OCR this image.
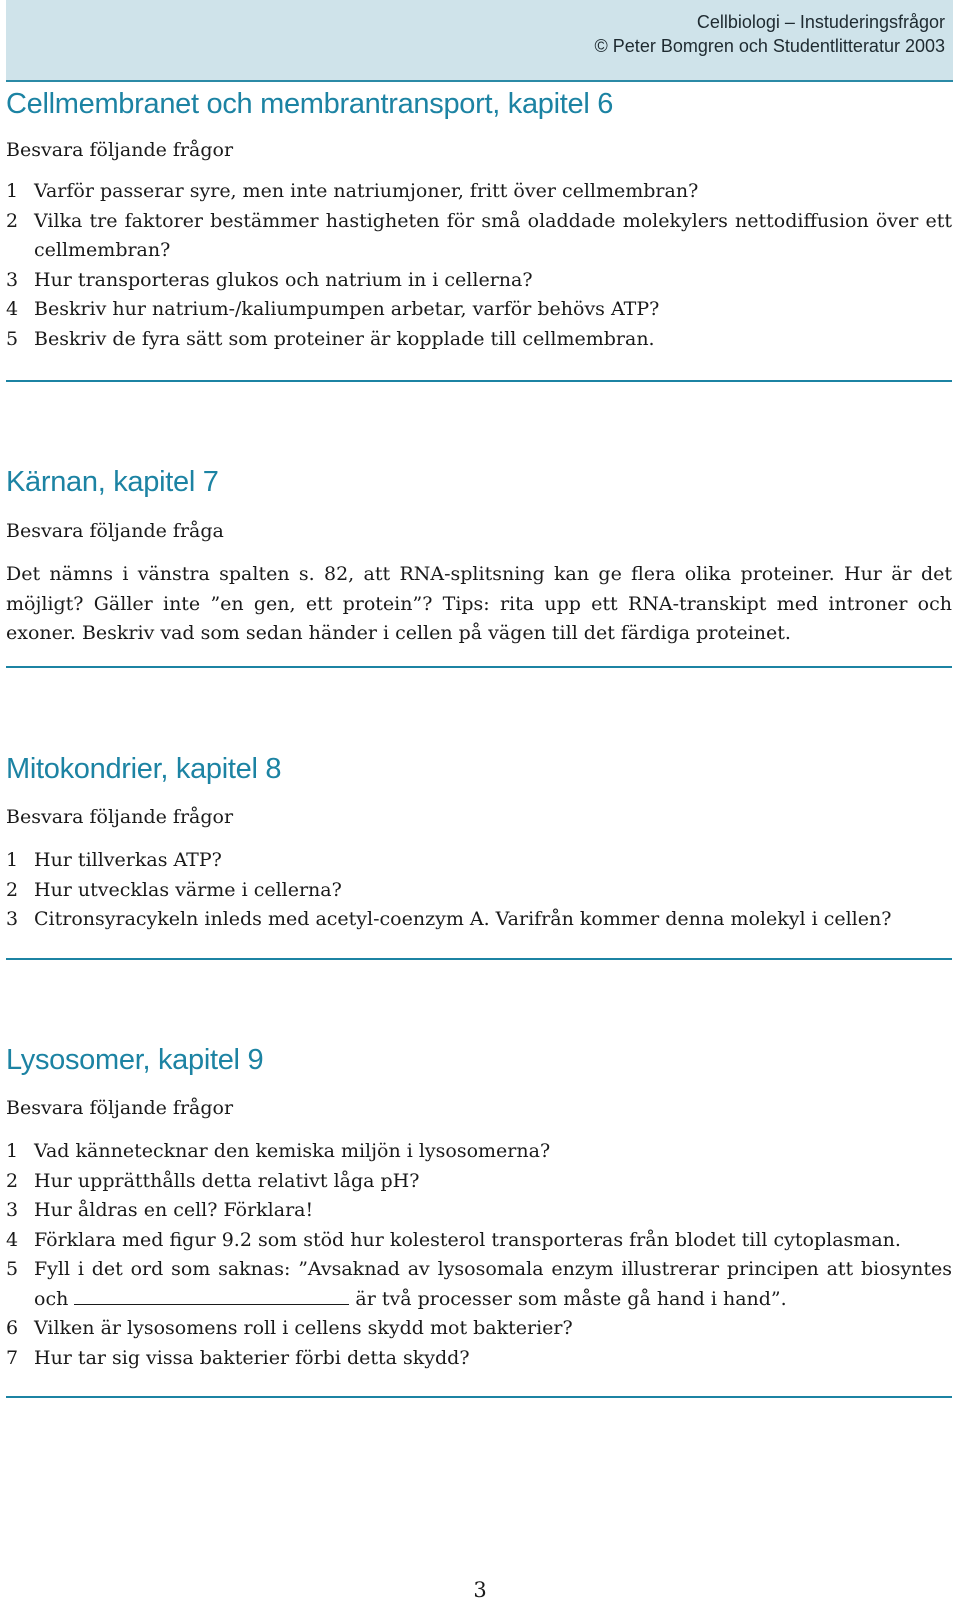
Cellbiologi – Instuderingsfrågor
© Peter Bomgren och Studentlitteratur 2003
Cellmembranet och membrantransport, kapitel 6
Besvara följande frågor
1 Varför passerar syre, men inte natriumjoner, fritt över cellmembran?
2 Vilka tre faktorer bestämmer hastigheten för små oladdade molekylers nettodiffusion över ett cellmembran?
3 Hur transporteras glukos och natrium in i cellerna?
4 Beskriv hur natrium-/kaliumpumpen arbetar, varför behövs ATP?
5 Beskriv de fyra sätt som proteiner är kopplade till cellmembran.
Kärnan, kapitel 7
Besvara följande fråga

Det nämns i vänstra spalten s. 82, att RNA-splitsning kan ge flera olika proteiner. Hur är det möjligt? Gäller inte ”en gen, ett protein”? Tips: rita upp ett RNA-transkipt med introner och exoner. Beskriv vad som sedan händer i cellen på vägen till det färdiga proteinet.

Mitokondrier, kapitel 8
Besvara följande frågor
1 Hur tillverkas ATP?
2 Hur utvecklas värme i cellerna?
3 Citronsyracykeln inleds med acetyl-coenzym A. Varifrån kommer denna molekyl i cellen?
Lysosomer, kapitel 9
Besvara följande frågor
1 Vad kännetecknar den kemiska miljön i lysosomerna?
2 Hur upprätthålls detta relativt låga pH?
3 Hur åldras en cell? Förklara!
4 Förklara med figur 9.2 som stöd hur kolesterol transporteras från blodet till cytoplasman.
5 Fyll i det ord som saknas: ”Avsaknad av lysosomala enzym illustrerar principen att biosyntes och	är två processer som måste gå hand i hand”.
6 Vilken är lysosomens roll i cellens skydd mot bakterier?
7 Hur tar sig vissa bakterier förbi detta skydd?
3
